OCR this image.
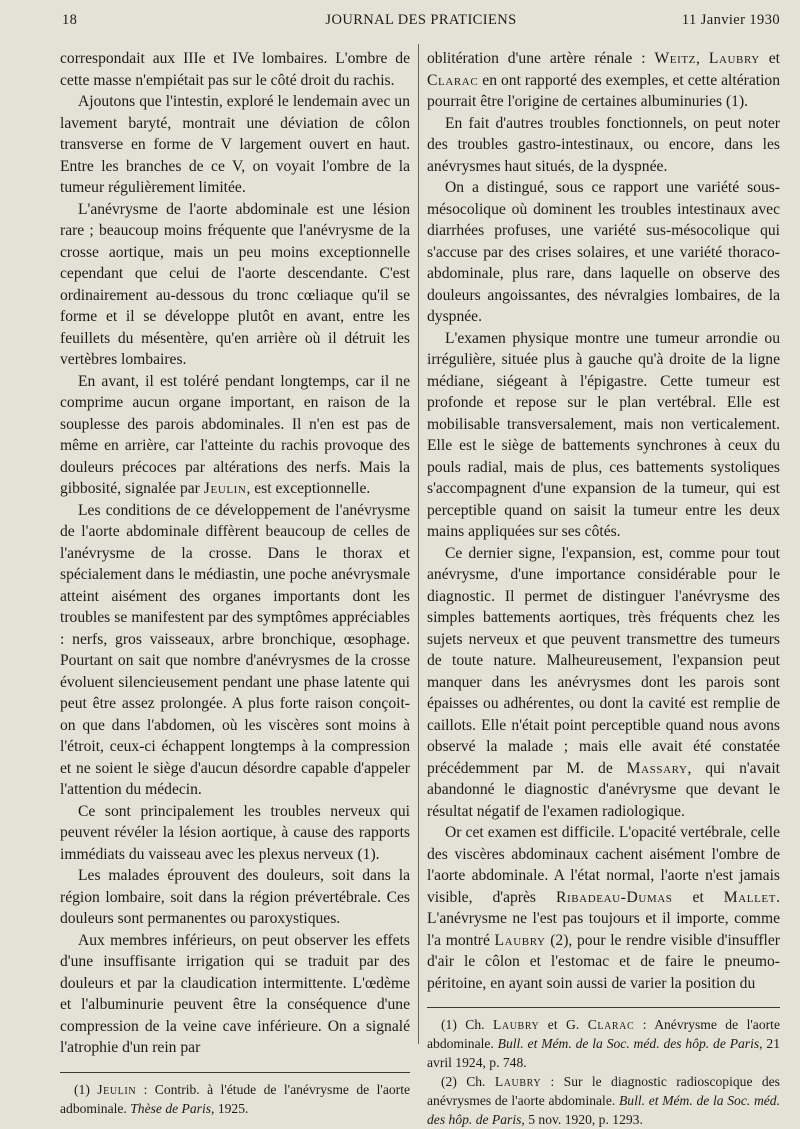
18	JOURNAL DES PRATICIENS	11 Janvier 1930

correspondait aux IIIe et IVe lombaires. L'ombre de cette masse n'empiétait pas sur le côté droit du rachis.

Ajoutons que l'intestin, exploré le lendemain avec un lavement baryté, montrait une déviation de côlon transverse en forme de V largement ouvert en haut. Entre les branches de ce V, on voyait l'ombre de la tumeur régulièrement limitée.

L'anévrysme de l'aorte abdominale est une lésion rare ; beaucoup moins fréquente que l'anévrysme de la crosse aortique, mais un peu moins exceptionnelle cependant que celui de l'aorte descendante. C'est ordinairement au-dessous du tronc cœliaque qu'il se forme et il se développe plutôt en avant, entre les feuillets du mésentère, qu'en arrière où il détruit les vertèbres lombaires.

En avant, il est toléré pendant longtemps, car il ne comprime aucun organe important, en raison de la souplesse des parois abdominales. Il n'en est pas de même en arrière, car l'atteinte du rachis provoque des douleurs précoces par altérations des nerfs. Mais la gibbosité, signalée par Jeulin, est exceptionnelle.

Les conditions de ce développement de l'anévrysme de l'aorte abdominale diffèrent beaucoup de celles de l'anévrysme de la crosse. Dans le thorax et spécialement dans le médiastin, une poche anévrysmale atteint aisément des organes importants dont les troubles se manifestent par des symptômes appréciables : nerfs, gros vaisseaux, arbre bronchique, œsophage. Pourtant on sait que nombre d'anévrysmes de la crosse évoluent silencieusement pendant une phase latente qui peut être assez prolongée. A plus forte raison conçoit-on que dans l'abdomen, où les viscères sont moins à l'étroit, ceux-ci échappent longtemps à la compression et ne soient le siège d'aucun désordre capable d'appeler l'attention du médecin.

Ce sont principalement les troubles nerveux qui peuvent révéler la lésion aortique, à cause des rapports immédiats du vaisseau avec les plexus nerveux (1).

Les malades éprouvent des douleurs, soit dans la région lombaire, soit dans la région prévertébrale. Ces douleurs sont permanentes ou paroxystiques.

Aux membres inférieurs, on peut observer les effets d'une insuffisante irrigation qui se traduit par des douleurs et par la claudication intermittente. L'œdème et l'albuminurie peuvent être la conséquence d'une compression de la veine cave inférieure. On a signalé l'atrophie d'un rein par

(1) Jeulin : Contrib. à l'étude de l'anévrysme de l'aorte adbominale. Thèse de Paris, 1925.

oblitération d'une artère rénale : Weitz, Laubry et Clarac en ont rapporté des exemples, et cette altération pourrait être l'origine de certaines albuminuries (1).

En fait d'autres troubles fonctionnels, on peut noter des troubles gastro-intestinaux, ou encore, dans les anévrysmes haut situés, de la dyspnée.

On a distingué, sous ce rapport une variété sous-mésocolique où dominent les troubles intestinaux avec diarrhées profuses, une variété sus-mésocolique qui s'accuse par des crises solaires, et une variété thoraco-abdominale, plus rare, dans laquelle on observe des douleurs angoissantes, des névralgies lombaires, de la dyspnée.

L'examen physique montre une tumeur arrondie ou irrégulière, située plus à gauche qu'à droite de la ligne médiane, siégeant à l'épigastre. Cette tumeur est profonde et repose sur le plan vertébral. Elle est mobilisable transversalement, mais non verticalement. Elle est le siège de battements synchrones à ceux du pouls radial, mais de plus, ces battements systoliques s'accompagnent d'une expansion de la tumeur, qui est perceptible quand on saisit la tumeur entre les deux mains appliquées sur ses côtés.

Ce dernier signe, l'expansion, est, comme pour tout anévrysme, d'une importance considérable pour le diagnostic. Il permet de distinguer l'anévrysme des simples battements aortiques, très fréquents chez les sujets nerveux et que peuvent transmettre des tumeurs de toute nature. Malheureusement, l'expansion peut manquer dans les anévrysmes dont les parois sont épaisses ou adhérentes, ou dont la cavité est remplie de caillots. Elle n'était point perceptible quand nous avons observé la malade ; mais elle avait été constatée précédemment par M. de Massary, qui n'avait abandonné le diagnostic d'anévrysme que devant le résultat négatif de l'examen radiologique.

Or cet examen est difficile. L'opacité vertébrale, celle des viscères abdominaux cachent aisément l'ombre de l'aorte abdominale. A l'état normal, l'aorte n'est jamais visible, d'après Ribadeau-Dumas et Mallet. L'anévrysme ne l'est pas toujours et il importe, comme l'a montré Laubry (2), pour le rendre visible d'insuffler d'air le côlon et l'estomac et de faire le pneumo-péritoine, en ayant soin aussi de varier la position du

(1) Ch. Laubry et G. Clarac : Anévrysme de l'aorte abdominale. Bull. et Mém. de la Soc. méd. des hôp. de Paris, 21 avril 1924, p. 748.

(2) Ch. Laubry : Sur le diagnostic radioscopique des anévrysmes de l'aorte abdominale. Bull. et Mém. de la Soc. méd. des hôp. de Paris, 5 nov. 1920, p. 1293.
